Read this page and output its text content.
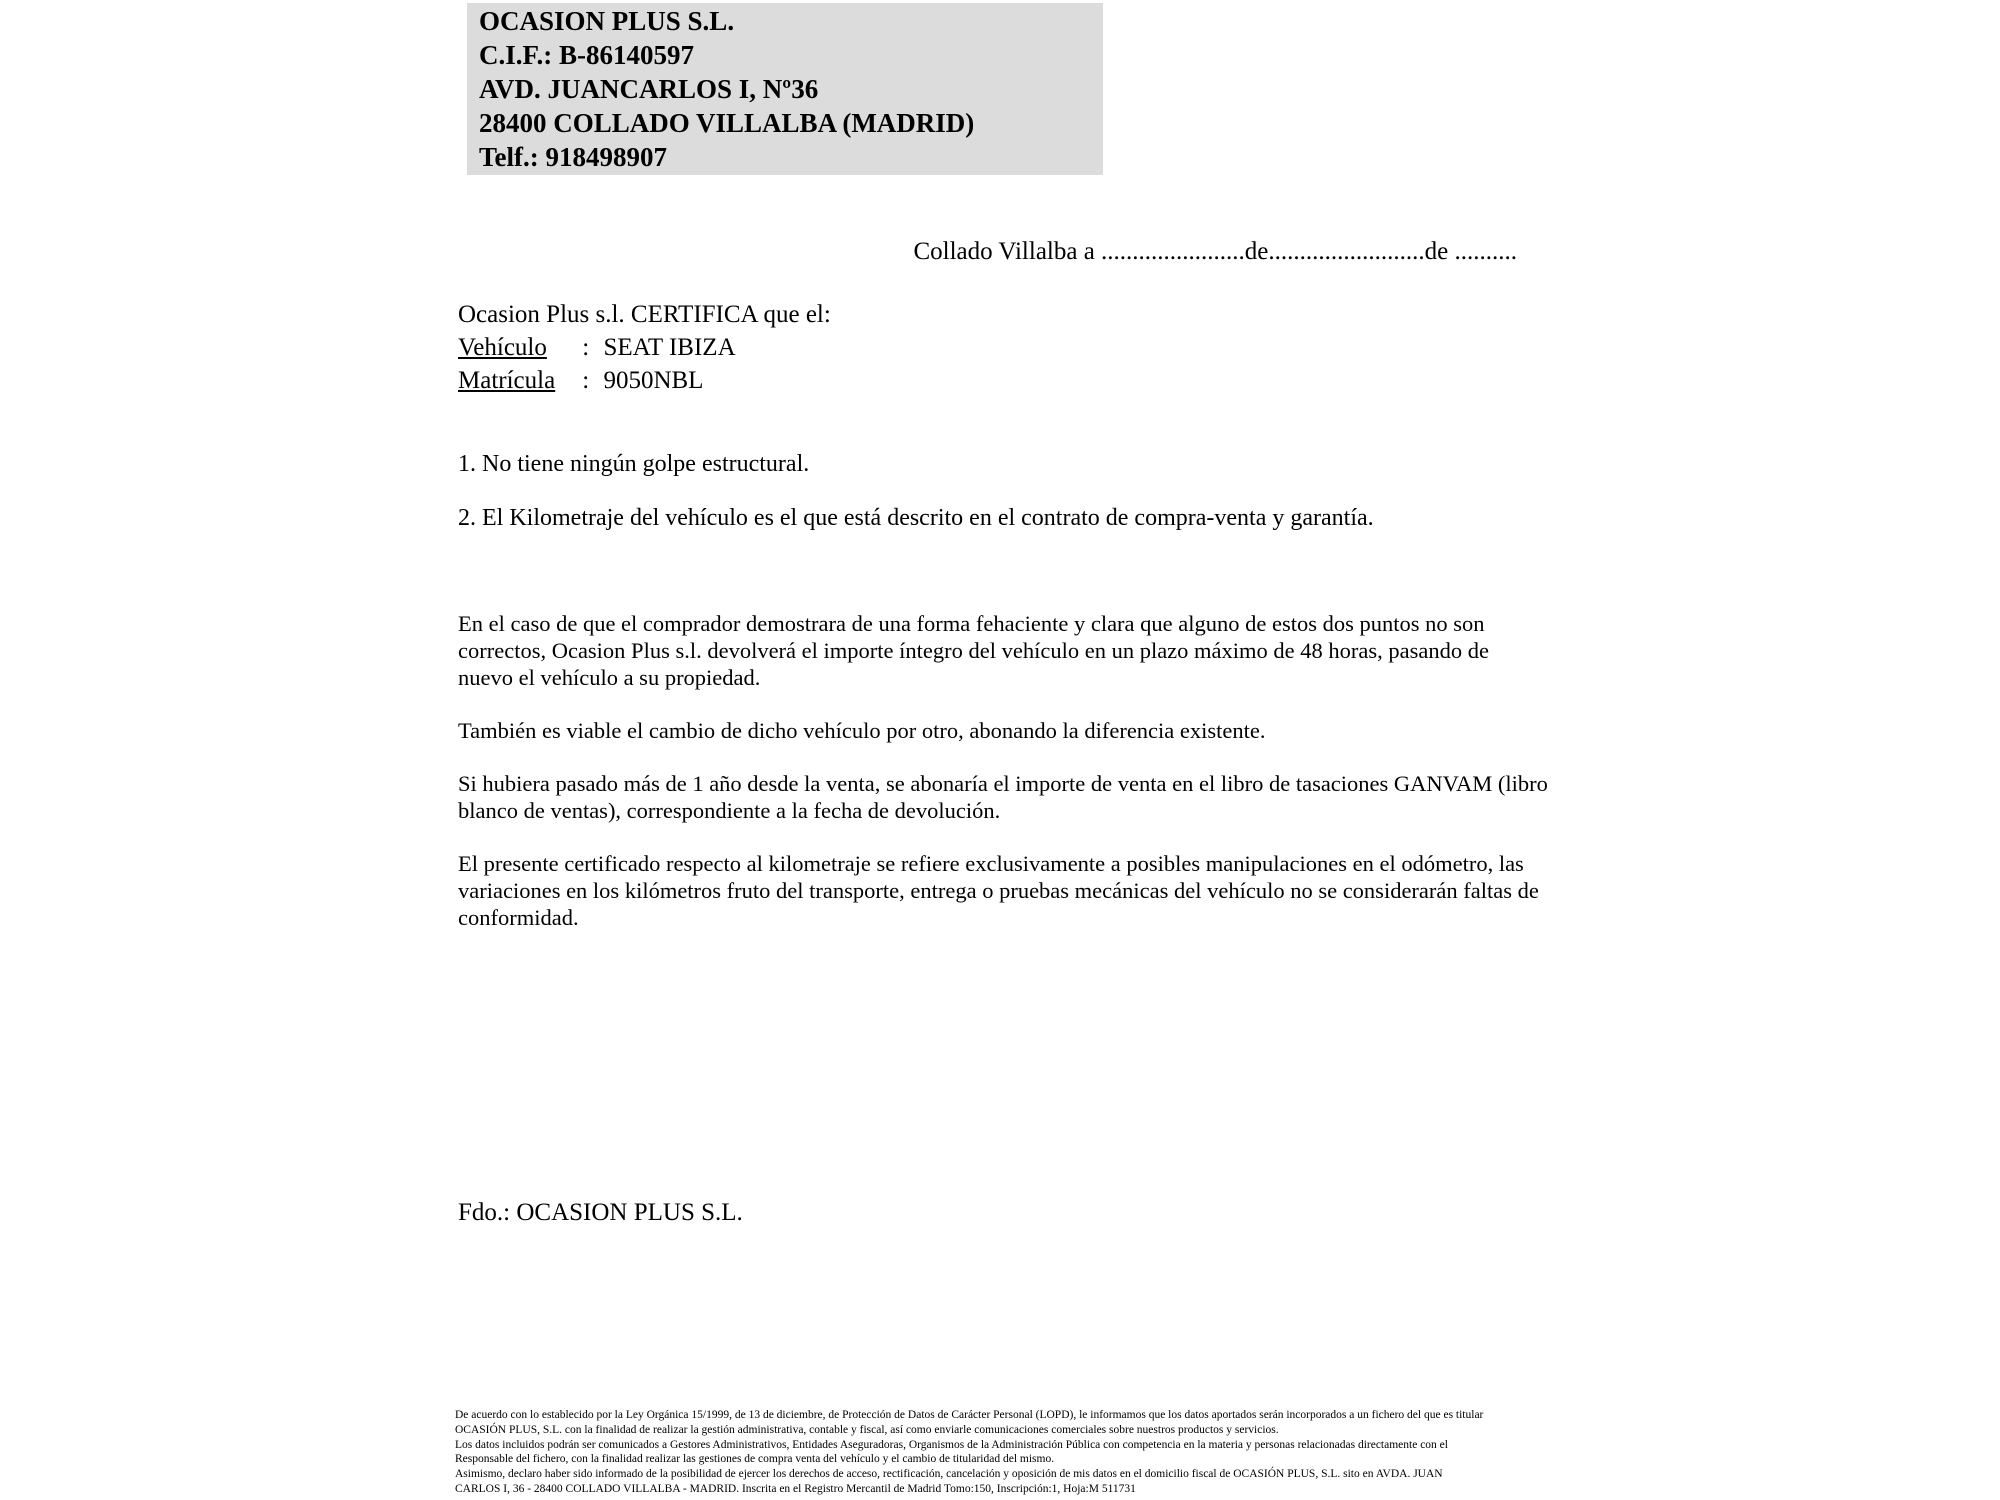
OCASION PLUS S.L.
C.I.F.: B-86140597
AVD. JUANCARLOS I, Nº36
28400 COLLADO VILLALBA (MADRID)
Telf.: 918498907
Collado Villalba a .......................de.........................de ..........
Ocasion Plus s.l. CERTIFICA que el:
Vehículo : SEAT IBIZA
Matrícula : 9050NBL
1. No tiene ningún golpe estructural.
2. El Kilometraje del vehículo es el que está descrito en el contrato de compra-venta y garantía.

En el caso de que el comprador demostrara de una forma fehaciente y clara que alguno de estos dos puntos no son correctos, Ocasion Plus s.l. devolverá el importe íntegro del vehículo en un plazo máximo de 48 horas, pasando de nuevo el vehículo a su propiedad.

También es viable el cambio de dicho vehículo por otro, abonando la diferencia existente.

Si hubiera pasado más de 1 año desde la venta, se abonaría el importe de venta en el libro de tasaciones GANVAM (libro blanco de ventas), correspondiente a la fecha de devolución.

El presente certificado respecto al kilometraje se refiere exclusivamente a posibles manipulaciones en el odómetro, las variaciones en los kilómetros fruto del transporte, entrega o pruebas mecánicas del vehículo no se considerarán faltas de conformidad.

Fdo.: OCASION PLUS S.L.
De acuerdo con lo establecido por la Ley Orgánica 15/1999, de 13 de diciembre, de Protección de Datos de Carácter Personal (LOPD), le informamos que los datos aportados serán incorporados a un fichero del que es titular
OCASIÓN PLUS, S.L. con la finalidad de realizar la gestión administrativa, contable y fiscal, así como enviarle comunicaciones comerciales sobre nuestros productos y servicios.
Los datos incluidos podrán ser comunicados a Gestores Administrativos, Entidades Aseguradoras, Organismos de la Administración Pública con competencia en la materia y personas relacionadas directamente con el
Responsable del fichero, con la finalidad realizar las gestiones de compra venta del vehículo y el cambio de titularidad del mismo.
Asimismo, declaro haber sido informado de la posibilidad de ejercer los derechos de acceso, rectificación, cancelación y oposición de mis datos en el domicilio fiscal de OCASIÓN PLUS, S.L. sito en AVDA. JUAN
CARLOS I, 36 - 28400 COLLADO VILLALBA - MADRID. Inscrita en el Registro Mercantil de Madrid Tomo:150, Inscripción:1, Hoja:M 511731
